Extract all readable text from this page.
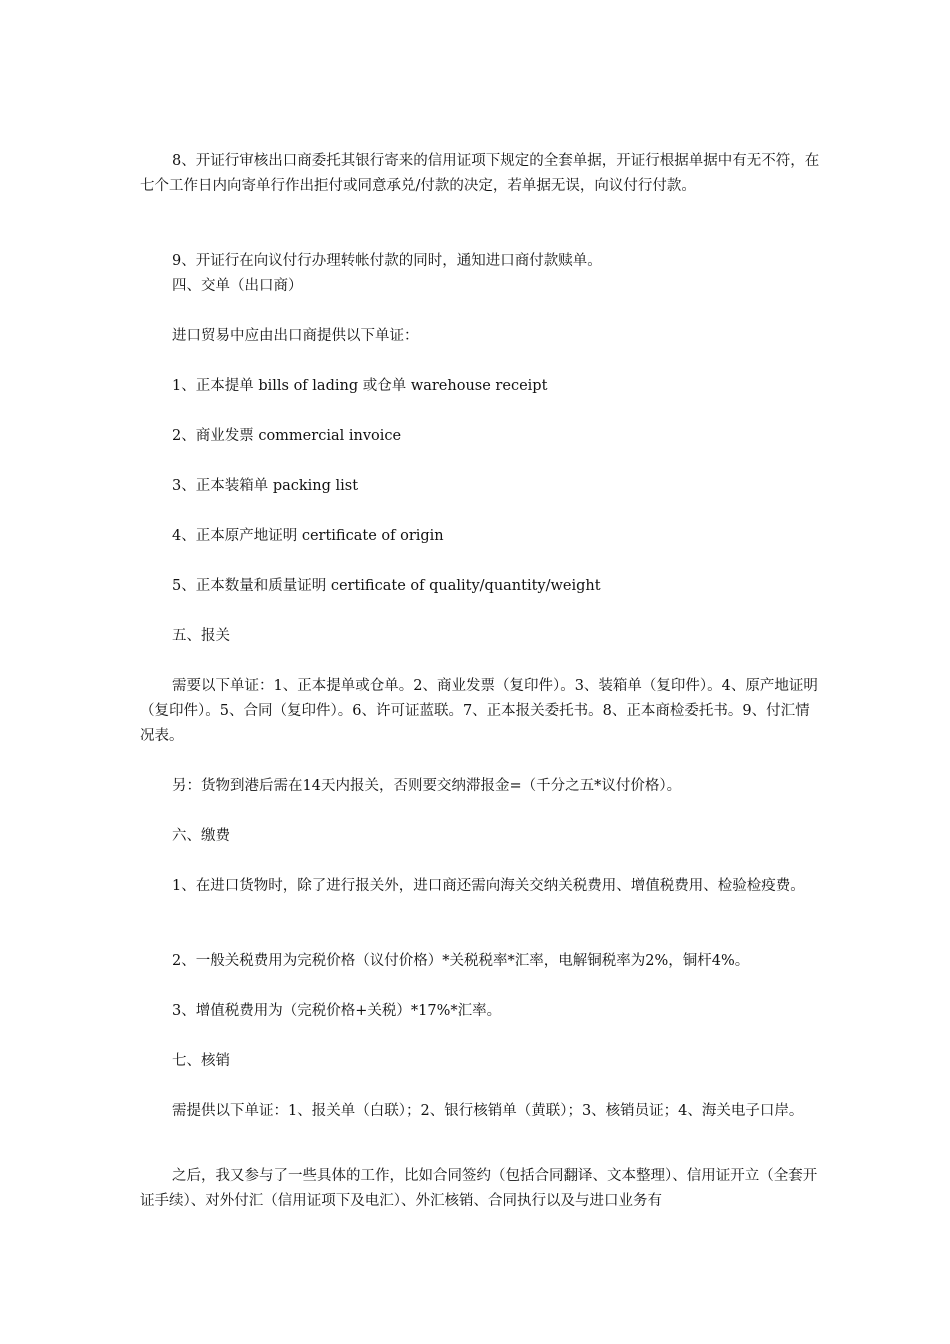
8、开证行审核出口商委托其银行寄来的信用证项下规定的全套单据，开证行根据单据中有无不符，在七个工作日内向寄单行作出拒付或同意承兑/付款的决定，若单据无误，向议付行付款。

9、开证行在向议付行办理转帐付款的同时，通知进口商付款赎单。

四、交单（出口商）

进口贸易中应由出口商提供以下单证：

1、正本提单 bills of lading 或仓单 warehouse receipt

2、商业发票 commercial invoice

3、正本装箱单 packing list

4、正本原产地证明 certificate of origin

5、正本数量和质量证明 certificate of quality/quantity/weight

五、报关

需要以下单证：1、正本提单或仓单。2、商业发票（复印件）。3、装箱单（复印件）。4、原产地证明（复印件）。5、合同（复印件）。6、许可证蓝联。7、正本报关委托书。8、正本商检委托书。9、付汇情况表。

另：货物到港后需在14天内报关，否则要交纳滞报金=（千分之五*议付价格）。

六、缴费

1、在进口货物时，除了进行报关外，进口商还需向海关交纳关税费用、增值税费用、检验检疫费。

2、一般关税费用为完税价格（议付价格）*关税税率*汇率，电解铜税率为2%，铜杆4%。

3、增值税费用为（完税价格+关税）*17%*汇率。

七、核销

需提供以下单证：1、报关单（白联）；2、银行核销单（黄联）；3、核销员证；4、海关电子口岸。

之后，我又参与了一些具体的工作，比如合同签约（包括合同翻译、文本整理）、信用证开立（全套开证手续）、对外付汇（信用证项下及电汇）、外汇核销、合同执行以及与进口业务有
